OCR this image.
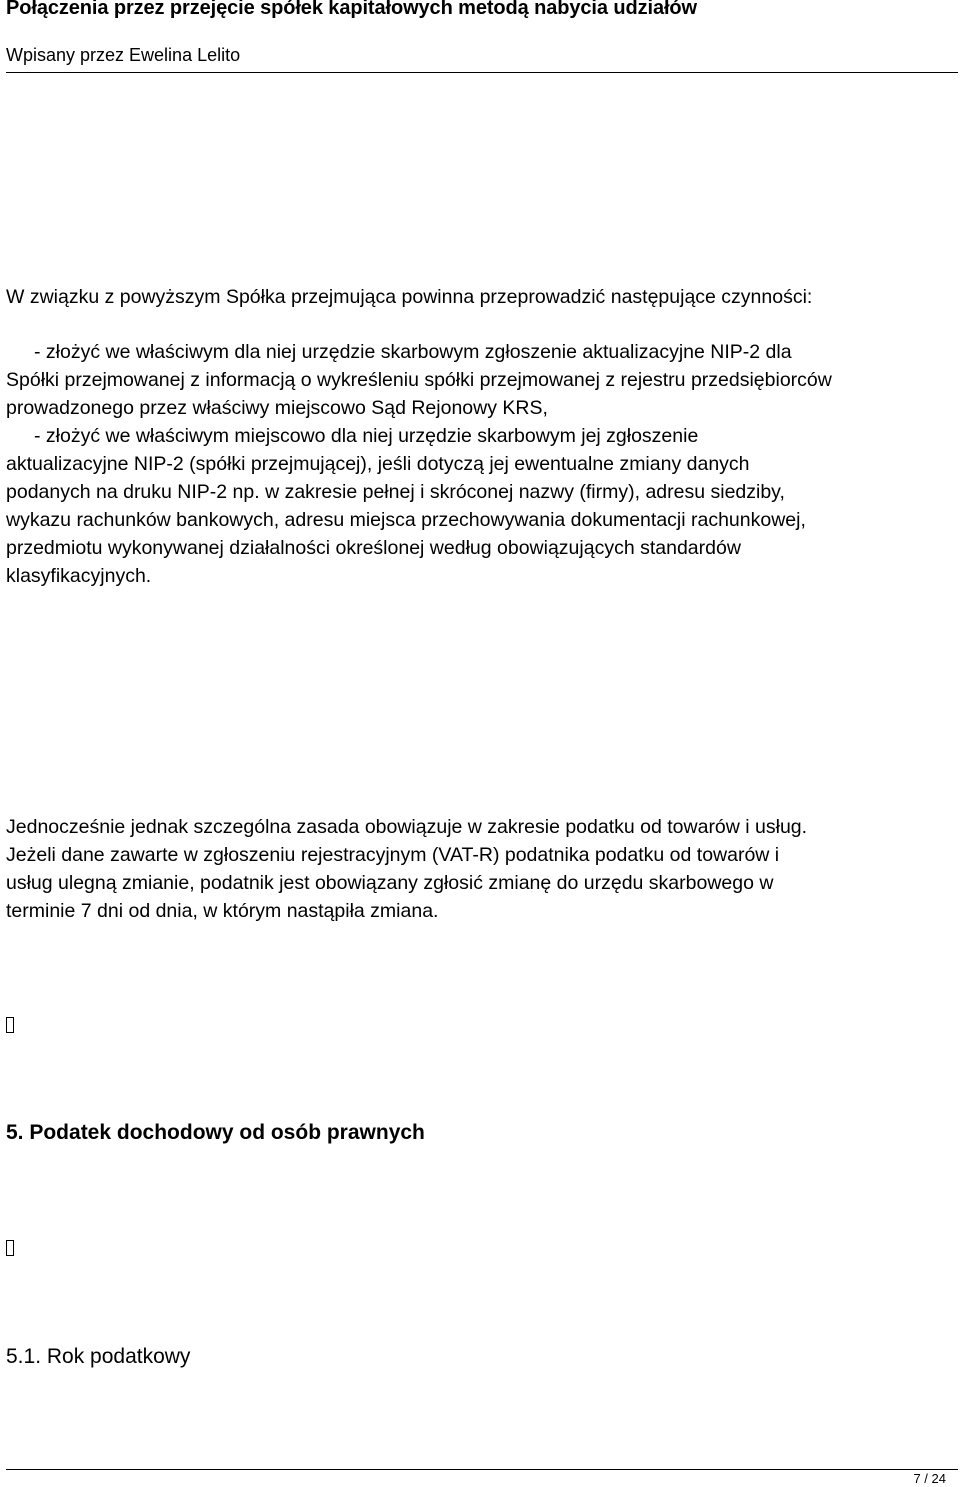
Połączenia przez przejęcie spółek kapitałowych metodą nabycia udziałów
Wpisany przez Ewelina Lelito
W związku z powyższym Spółka przejmująca powinna przeprowadzić następujące czynności:
- złożyć we właściwym dla niej urzędzie skarbowym zgłoszenie aktualizacyjne NIP-2 dla
Spółki przejmowanej z informacją o wykreśleniu spółki przejmowanej z rejestru przedsiębiorców
prowadzonego przez właściwy miejscowo Sąd Rejonowy KRS,
- złożyć we właściwym miejscowo dla niej urzędzie skarbowym jej zgłoszenie
aktualizacyjne NIP-2 (spółki przejmującej), jeśli dotyczą jej ewentualne zmiany danych
podanych na druku NIP-2 np. w zakresie pełnej i skróconej nazwy (firmy), adresu siedziby,
wykazu rachunków bankowych, adresu miejsca przechowywania dokumentacji rachunkowej,
przedmiotu wykonywanej działalności określonej według obowiązujących standardów
klasyfikacyjnych.
Jednocześnie jednak szczególna zasada obowiązuje w zakresie podatku od towarów i usług.
Jeżeli dane zawarte w zgłoszeniu rejestracyjnym (VAT-R) podatnika podatku od towarów i
usług ulegną zmianie, podatnik jest obowiązany zgłosić zmianę do urzędu skarbowego w
terminie 7 dni od dnia, w którym nastąpiła zmiana.
5. Podatek dochodowy od osób prawnych
5.1. Rok podatkowy
7 / 24
